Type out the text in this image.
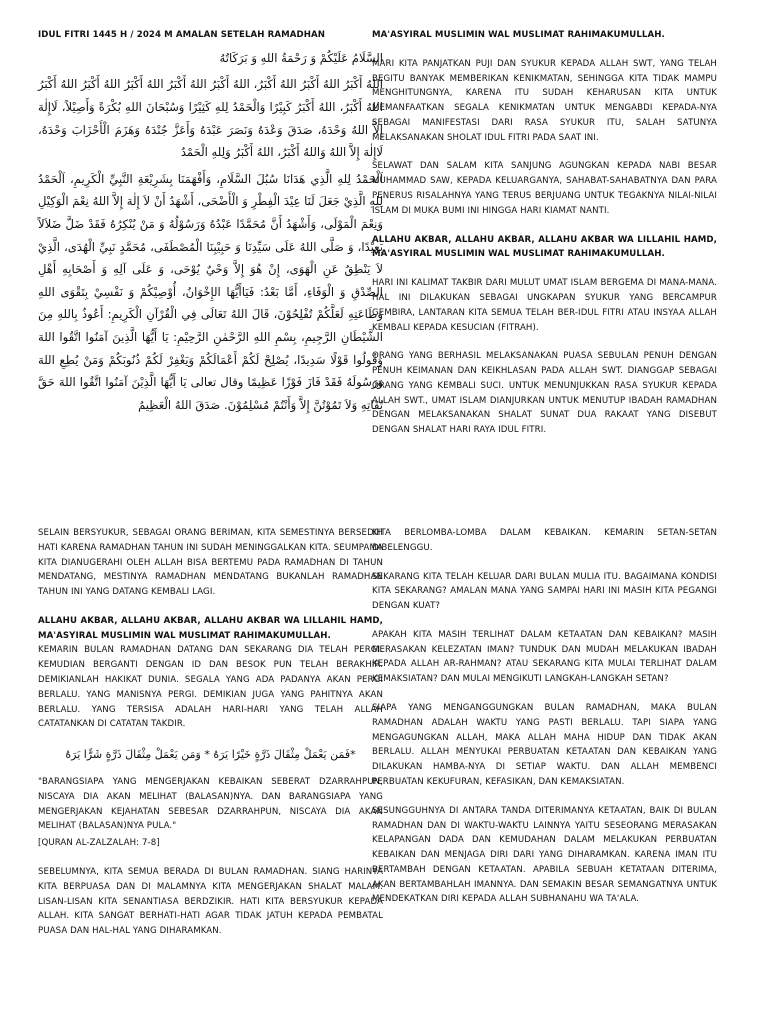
IDUL FITRI 1445 H / 2024 M AMALAN SETELAH RAMADHAN

السَّلَامُ عَلَيْكُمْ وَ رَحْمَةُ اللهِ وَ بَرَكَاتُهُ

اللهُ أَكْبَرُ اللهُ أَكْبَرُ اللهُ أَكْبَرُ، اللهُ أَكْبَرُ اللهُ أَكْبَرُ اللهُ أَكْبَرُ اللهُ أَكْبَرُ اللهُ أَكْبَرُ اللهُ أَكْبَرُ، اللهُ أَكْبَرُ كَبِيْرًا وَالْحَمْدُ لِلهِ كَثِيْرًا وَسُبْحَانَ اللهِ بُكْرَةً وَأَصِيْلاً، لَاإِلٰهَ إِلاَّ اللهُ وَحْدَهُ، صَدَقَ وَعْدَهُ وَنَصَرَ عَبْدَهُ وَأَعَزَّ جُنْدَهُ وَهَزَمَ الْأَحْزَابَ وَحْدَهُ، لَاإِلٰهَ إِلاَّ اللهُ وَاللهُ أَكْبَرُ، اللهُ أَكْبَرُ وَلِلهِ الْحَمْدُ

اَلْحَمْدُ لِلهِ الَّذِي هَدَانَا سُبُلَ السَّلَامِ، وَأَفْهَمَنَا بِشَرِيْعَةِ النَّبِيِّ الْكَرِيمِ، اَلْحَمْدُ لِلهِ الَّذِيْ جَعَلَ لَنَا عِيْدَ الْفِطْرِ وَ الْأَضْحَى، أَشْهَدُ أَنْ لاَ إِلٰهَ إِلاَّ اللهُ نِعْمَ الْوَكِيْلِ وَنِعْمَ الْمَوْلَى، وَأَشْهَدُ أَنَّ مُحَمَّدًا عَبْدُهُ وَرَسُوْلُهُ وَ مَنْ يُنْكِرُهُ فَقَدْ ضَلَّ ضَلاَلاً بَعِيْدًا، وَ صَلَّى اللهُ عَلَى سَيِّدِنَا وَ حَبِيْبِنَا الْمُصْطَفَى، مُحَمَّدٍ نَبِيِّ الْهُدَى، الَّذِيْ لاَ يَنْطِقُ عَنِ الْهَوَى، إِنْ هُوَ إِلاَّ وَحْيٌ يُوْحَى، وَ عَلَى آلِهِ وَ أَصْحَابِهِ أَهْلِ الصِّدْقِ وَ الْوَفَاءِ، أَمَّا بَعْدُ: فَيَاأَيُّهَا الإِخْوَانُ، أُوْصِيْكُمْ وَ نَفْسِيْ بِتَقْوَى اللهِ وَطَاعَتِهِ لَعَلَّكُمْ تُفْلِحُوْنَ، قَالَ اللهُ تَعَالَى فِي الْقُرْآنِ الْكَرِيمِ: أَعُوذُ بِاللهِ مِنَ الشَّيْطَانِ الرَّجِيمِ، بِسْمِ اللهِ الرَّحْمٰنِ الرَّحِيْمِ: يَا أَيُّهَا الَّذِينَ آمَنُوا اتَّقُوا اللهَ وَقُولُوا قَوْلًا سَدِيدًا، يُصْلِحْ لَكُمْ أَعْمَالَكُمْ وَيَغْفِرْ لَكُمْ ذُنُوبَكُمْ وَمَنْ يُطِعِ اللهَ وَرَسُولَهُ فَقَدْ فَازَ فَوْزًا عَظِيمًا وقال تعالى يَا أَيُّهَا الَّذِيْنَ آمَنُوا اتَّقُوا اللهَ حَقَّ تُقَاتِهِ وَلاَ تَمُوْتُنَّ إِلاَّ وَأَنْتُمْ مُسْلِمُوْنَ. صَدَقَ اللهُ الْعَظِيمُ

MA'ASYIRAL MUSLIMIN WAL MUSLIMAT RAHIMAKUMULLAH.

MARI KITA PANJATKAN PUJI DAN SYUKUR KEPADA ALLAH SWT, YANG TELAH BEGITU BANYAK MEMBERIKAN KENIKMATAN, SEHINGGA KITA TIDAK MAMPU MENGHITUNGNYA, KARENA ITU SUDAH KEHARUSAN KITA UNTUK MEMANFAATKAN SEGALA KENIKMATAN UNTUK MENGABDI KEPADA-NYA SEBAGAI MANIFESTASI DARI RASA SYUKUR ITU, SALAH SATUNYA MELAKSANAKAN SHOLAT IDUL FITRI PADA SAAT INI.

SELAWAT DAN SALAM KITA SANJUNG AGUNGKAN KEPADA NABI BESAR MUHAMMAD SAW, KEPADA KELUARGANYA, SAHABAT-SAHABATNYA DAN PARA PENERUS RISALAHNYA YANG TERUS BERJUANG UNTUK TEGAKNYA NILAI-NILAI ISLAM DI MUKA BUMI INI HINGGA HARI KIAMAT NANTI.

ALLAHU AKBAR, ALLAHU AKBAR, ALLAHU AKBAR WA LILLAHIL HAMD, MA'ASYIRAL MUSLIMIN WAL MUSLIMAT RAHIMAKUMULLAH.

HARI INI KALIMAT TAKBIR DARI MULUT UMAT ISLAM BERGEMA DI MANA-MANA. HAL INI DILAKUKAN SEBAGAI UNGKAPAN SYUKUR YANG BERCAMPUR GEMBIRA, LANTARAN KITA SEMUA TELAH BER-IDUL FITRI ATAU INSYAA ALLAH KEMBALI KEPADA KESUCIAN (FITRAH).

ORANG YANG BERHASIL MELAKSANAKAN PUASA SEBULAN PENUH DENGAN PENUH KEIMANAN DAN KEIKHLASAN PADA ALLAH SWT. DIANGGAP SEBAGAI ORANG YANG KEMBALI SUCI. UNTUK MENUNJUKKAN RASA SYUKUR KEPADA ALLAH SWT., UMAT ISLAM DIANJURKAN UNTUK MENUTUP IBADAH RAMADHAN DENGAN MELAKSANAKAN SHALAT SUNAT DUA RAKAAT YANG DISEBUT DENGAN SHALAT HARI RAYA IDUL FITRI.

SELAIN BERSYUKUR, SEBAGAI ORANG BERIMAN, KITA SEMESTINYA BERSEDIH HATI KARENA RAMADHAN TAHUN INI SUDAH MENINGGALKAN KITA. SEUMPAMA KITA DIANUGERAHI OLEH ALLAH BISA BERTEMU PADA RAMADHAN DI TAHUN MENDATANG, MESTINYA RAMADHAN MENDATANG BUKANLAH RAMADHAN TAHUN INI YANG DATANG KEMBALI LAGI.

ALLAHU AKBAR, ALLAHU AKBAR, ALLAHU AKBAR WA LILLAHIL HAMD, MA'ASYIRAL MUSLIMIN WAL MUSLIMAT RAHIMAKUMULLAH.

KEMARIN BULAN RAMADHAN DATANG DAN SEKARANG DIA TELAH PERGI. KEMUDIAN BERGANTI DENGAN ID DAN BESOK PUN TELAH BERAKHIR. DEMIKIANLAH HAKIKAT DUNIA. SEGALA YANG ADA PADANYA AKAN PERGI BERLALU. YANG MANISNYA PERGI. DEMIKIAN JUGA YANG PAHITNYA AKAN BERLALU. YANG TERSISA ADALAH HARI-HARI YANG TELAH ALLAH CATATANKAN DI CATATAN TAKDIR.

*فَمَن يَعْمَلْ مِثْقَالَ ذَرَّةٍ خَيْرًا يَرَهُ * وَمَن يَعْمَلْ مِثْقَالَ ذَرَّةٍ شَرًّا يَرَهُ

"BARANGSIAPA YANG MENGERJAKAN KEBAIKAN SEBERAT DZARRAHPUN, NISCAYA DIA AKAN MELIHAT (BALASAN)NYA. DAN BARANGSIAPA YANG MENGERJAKAN KEJAHATAN SEBESAR DZARRAHPUN, NISCAYA DIA AKAN MELIHAT (BALASAN)NYA PULA."

[QURAN AL-ZALZALAH: 7-8]

SEBELUMNYA, KITA SEMUA BERADA DI BULAN RAMADHAN. SIANG HARINYA KITA BERPUASA DAN DI MALAMNYA KITA MENGERJAKAN SHALAT MALAM. LISAN-LISAN KITA SENANTIASA BERDZIKIR. HATI KITA BERSYUKUR KEPADA ALLAH. KITA SANGAT BERHATI-HATI AGAR TIDAK JATUH KEPADA PEMBATAL PUASA DAN HAL-HAL YANG DIHARAMKAN.

KITA BERLOMBA-LOMBA DALAM KEBAIKAN. KEMARIN SETAN-SETAN DIBELENGGU.

SEKARANG KITA TELAH KELUAR DARI BULAN MULIA ITU. BAGAIMANA KONDISI KITA SEKARANG? AMALAN MANA YANG SAMPAI HARI INI MASIH KITA PEGANGI DENGAN KUAT?

APAKAH KITA MASIH TERLIHAT DALAM KETAATAN DAN KEBAIKAN? MASIH MERASAKAN KELEZATAN IMAN? TUNDUK DAN MUDAH MELAKUKAN IBADAH KEPADA ALLAH AR-RAHMAN? ATAU SEKARANG KITA MULAI TERLIHAT DALAM KEMAKSIATAN? DAN MULAI MENGIKUTI LANGKAH-LANGKAH SETAN?

SIAPA YANG MENGANGGUNGKAN BULAN RAMADHAN, MAKA BULAN RAMADHAN ADALAH WAKTU YANG PASTI BERLALU. TAPI SIAPA YANG MENGAGUNGKAN ALLAH, MAKA ALLAH MAHA HIDUP DAN TIDAK AKAN BERLALU. ALLAH MENYUKAI PERBUATAN KETAATAN DAN KEBAIKAN YANG DILAKUKAN HAMBA-NYA DI SETIAP WAKTU. DAN ALLAH MEMBENCI PERBUATAN KEKUFURAN, KEFASIKAN, DAN KEMAKSIATAN.

SESUNGGUHNYA DI ANTARA TANDA DITERIMANYA KETAATAN, BAIK DI BULAN RAMADHAN DAN DI WAKTU-WAKTU LAINNYA YAITU SESEORANG MERASAKAN KELAPANGAN DADA DAN KEMUDAHAN DALAM MELAKUKAN PERBUATAN KEBAIKAN DAN MENJAGA DIRI DARI YANG DIHARAMKAN. KARENA IMAN ITU BERTAMBAH DENGAN KETAATAN. APABILA SEBUAH KETATAAN DITERIMA, AKAN BERTAMBAHLAH IMANNYA. DAN SEMAKIN BESAR SEMANGATNYA UNTUK MENDEKATKAN DIRI KEPADA ALLAH SUBHANAHU WA TA'ALA.
